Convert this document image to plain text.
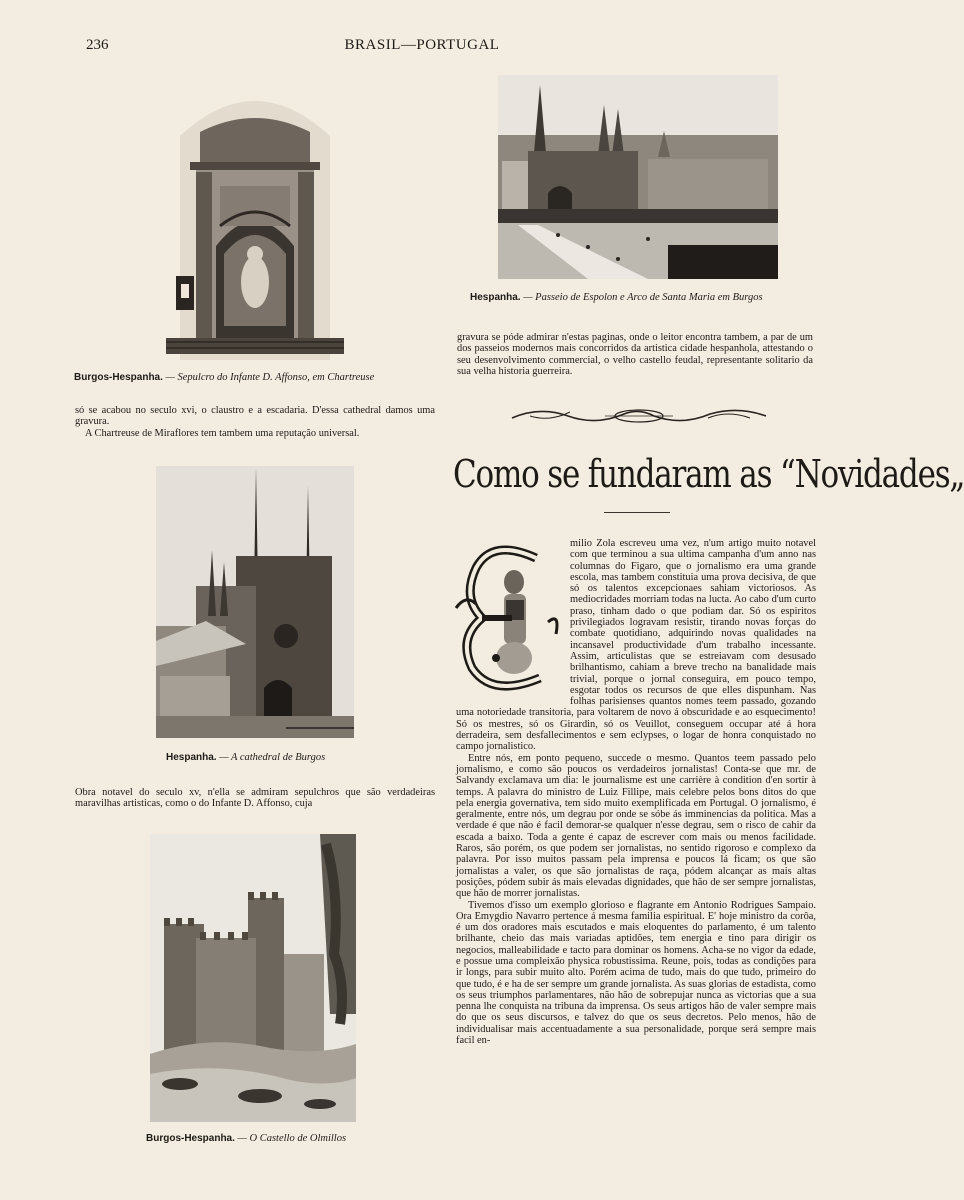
236	BRASIL—PORTUGAL
Burgos-Hespanha. — Sepulcro do Infante D. Affonso, em Chartreuse
Hespanha. — Passeio de Espolon e Arco de Santa Maria em Burgos

gravura se póde admirar n'estas paginas, onde o leitor encontra tambem, a par de um dos passeios modernos mais concorridos da artistica cidade hespanhola, attestando o seu desenvolvimento commercial, o velho castello feudal, representante solitario da sua velha historia guerreira.

só se acabou no seculo xvi, o claustro e a escadaria. D'essa cathedral damos uma gravura.

A Chartreuse de Miraflores tem tambem uma reputação universal.

Hespanha. — A cathedral de Burgos

Obra notavel do seculo xv, n'ella se admiram sepulchros que são verdadeiras maravilhas artisticas, como o do Infante D. Affonso, cuja

Burgos-Hespanha. — O Castello de Olmillos
Como se fundaram as “Novidades„

milio Zola escreveu uma vez, n'um artigo muito notavel com que terminou a sua ultima campanha d'um anno nas columnas do Figaro, que o jornalismo era uma grande escola, mas tambem constituia uma prova decisiva, de que só os talentos excepcionaes sahiam victoriosos. As mediocridades morriam todas na lucta. Ao cabo d'um curto praso, tinham dado o que podiam dar. Só os espiritos privilegiados logravam resistir, tirando novas forças do combate quotidiano, adquirindo novas qualidades na incansavel productividade d'um trabalho incessante. Assim, articulistas que se estreiavam com desusado brilhantismo, cahiam a breve trecho na banalidade mais trivial, porque o jornal conseguira, em pouco tempo, esgotar todos os recursos de que elles dispunham. Nas folhas parisienses quantos nomes teem passado, gozando uma notoriedade transitoria, para voltarem de novo á obscuridade e ao esquecimento! Só os mestres, só os Girardin, só os Veuillot, conseguem occupar até á hora derradeira, sem desfallecimentos e sem eclypses, o logar de honra conquistado no campo jornalistico.

Entre nós, em ponto pequeno, succede o mesmo. Quantos teem passado pelo jornalismo, e como são poucos os verdadeiros jornalistas! Conta-se que mr. de Salvandy exclamava um dia: le journalisme est une carrière à condition d'en sortir à temps. A palavra do ministro de Luiz Fillipe, mais celebre pelos bons ditos do que pela energia governativa, tem sido muito exemplificada em Portugal. O jornalismo, é geralmente, entre nós, um degrau por onde se sóbe ás imminencias da politica. Mas a verdade é que não é facil demorar-se qualquer n'esse degrau, sem o risco de cahir da escada a baixo. Toda a gente é capaz de escrever com mais ou menos facilidade. Raros, são porém, os que podem ser jornalistas, no sentido rigoroso e complexo da palavra. Por isso muitos passam pela imprensa e poucos lá ficam; os que são jornalistas a valer, os que são jornalistas de raça, pódem alcançar as mais altas posições, pódem subir ás mais elevadas dignidades, que hão de ser sempre jornalistas, que hão de morrer jornalistas.

Tivemos d'isso um exemplo glorioso e flagrante em Antonio Rodrigues Sampaio. Ora Emygdio Navarro pertence á mesma familia espiritual. E' hoje ministro da corôa, é um dos oradores mais escutados e mais eloquentes do parlamento, é um talento brilhante, cheio das mais variadas aptidões, tem energia e tino para dirigir os negocios, malleabilidade e tacto para dominar os homens. Acha-se no vigor da edade, e possue uma compleixão physica robustissima. Reune, pois, todas as condições para ir longs, para subir muito alto. Porém acima de tudo, mais do que tudo, primeiro do que tudo, é e ha de ser sempre um grande jornalista. As suas glorias de estadista, como os seus triumphos parlamentares, não hão de sobrepujar nunca as victorias que a sua penna lhe conquista na tribuna da imprensa. Os seus artigos hão de valer sempre mais do que os seus discursos, e talvez do que os seus decretos. Pelo menos, hão de individualisar mais accentuadamente a sua personalidade, porque será sempre mais facil en-
